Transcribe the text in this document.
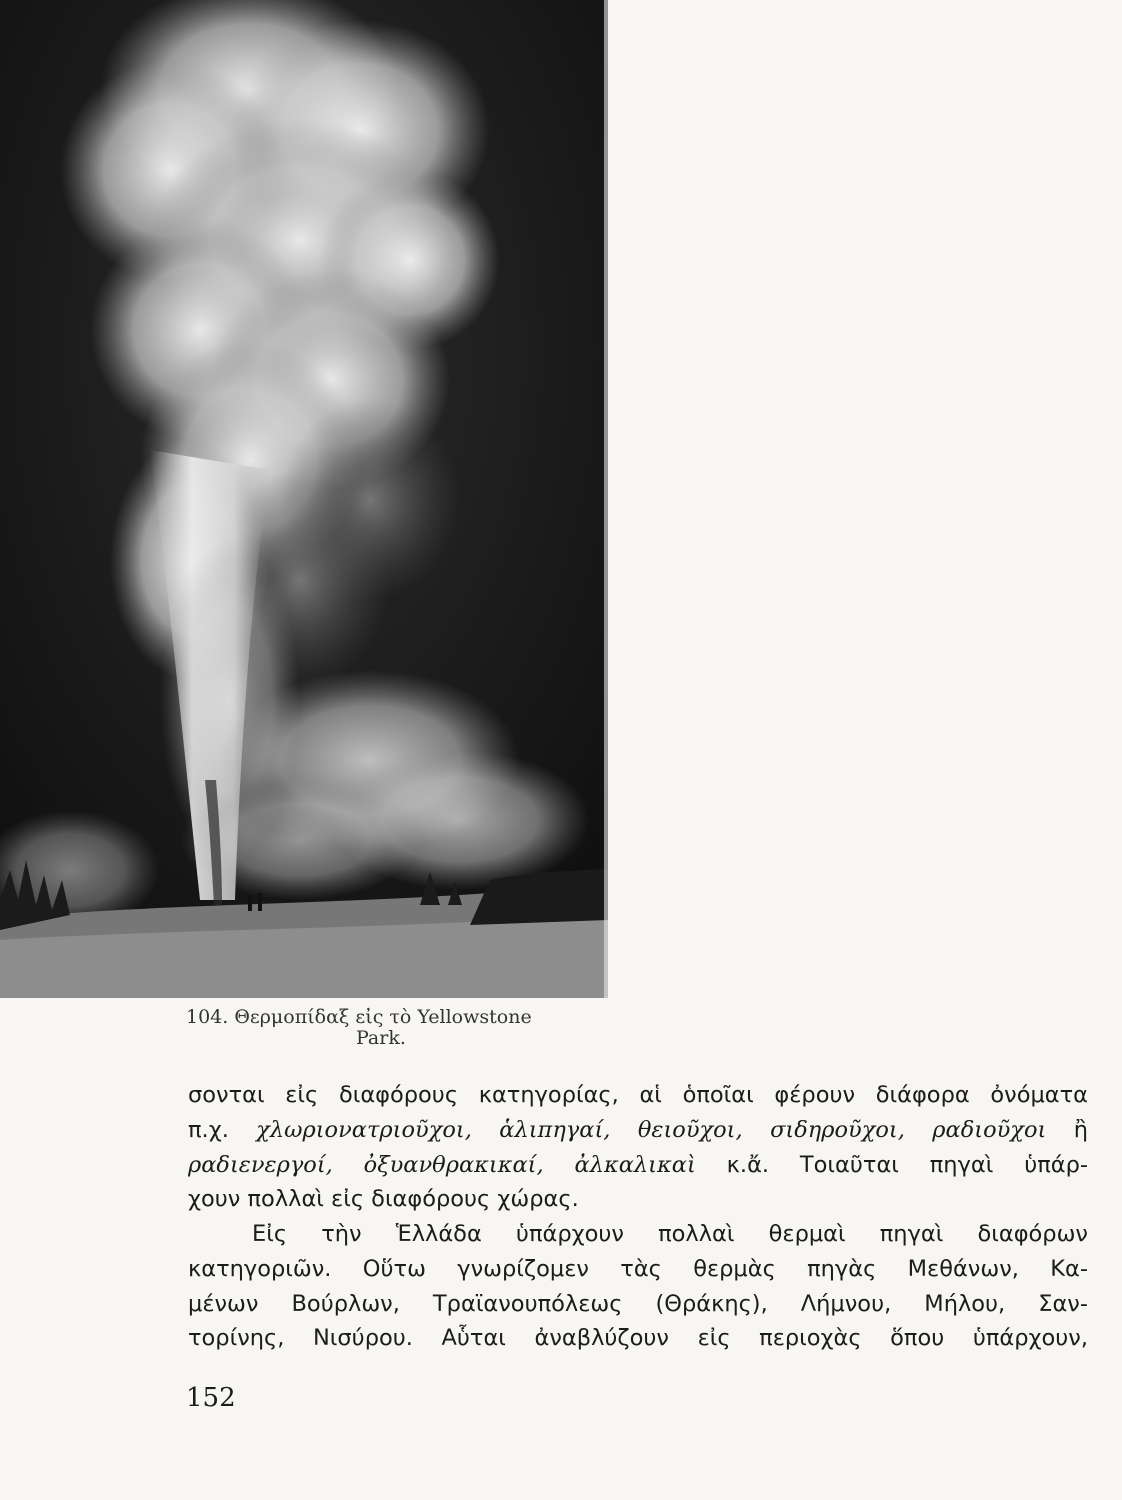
104. Θερμοπίδαξ εἰς τὸ Yellowstone
Park.
σονται εἰς διαφόρους κατηγορίας, αἱ ὁποῖαι φέρουν διάφορα ὀνόματα
π.χ. χλωριονατριοῦχοι, ἁλιπηγαί, θειοῦχοι, σιδηροῦχοι, ραδιοῦχοι ἢ
ραδιενεργοί, ὀξυανθρακικαί, ἀλκαλικαὶ κ.ἄ. Τοιαῦται πηγαὶ ὑπάρ-
χουν πολλαὶ εἰς διαφόρους χώρας.
Εἰς τὴν Ἑλλάδα ὑπάρχουν πολλαὶ θερμαὶ πηγαὶ διαφόρων
κατηγοριῶν. Οὕτω γνωρίζομεν τὰς θερμὰς πηγὰς Μεθάνων, Κα-
μένων Βούρλων, Τραϊανουπόλεως (Θράκης), Λήμνου, Μήλου, Σαν-
τορίνης, Νισύρου. Αὗται ἀναβλύζουν εἰς περιοχὰς ὅπου ὑπάρχουν,
152
